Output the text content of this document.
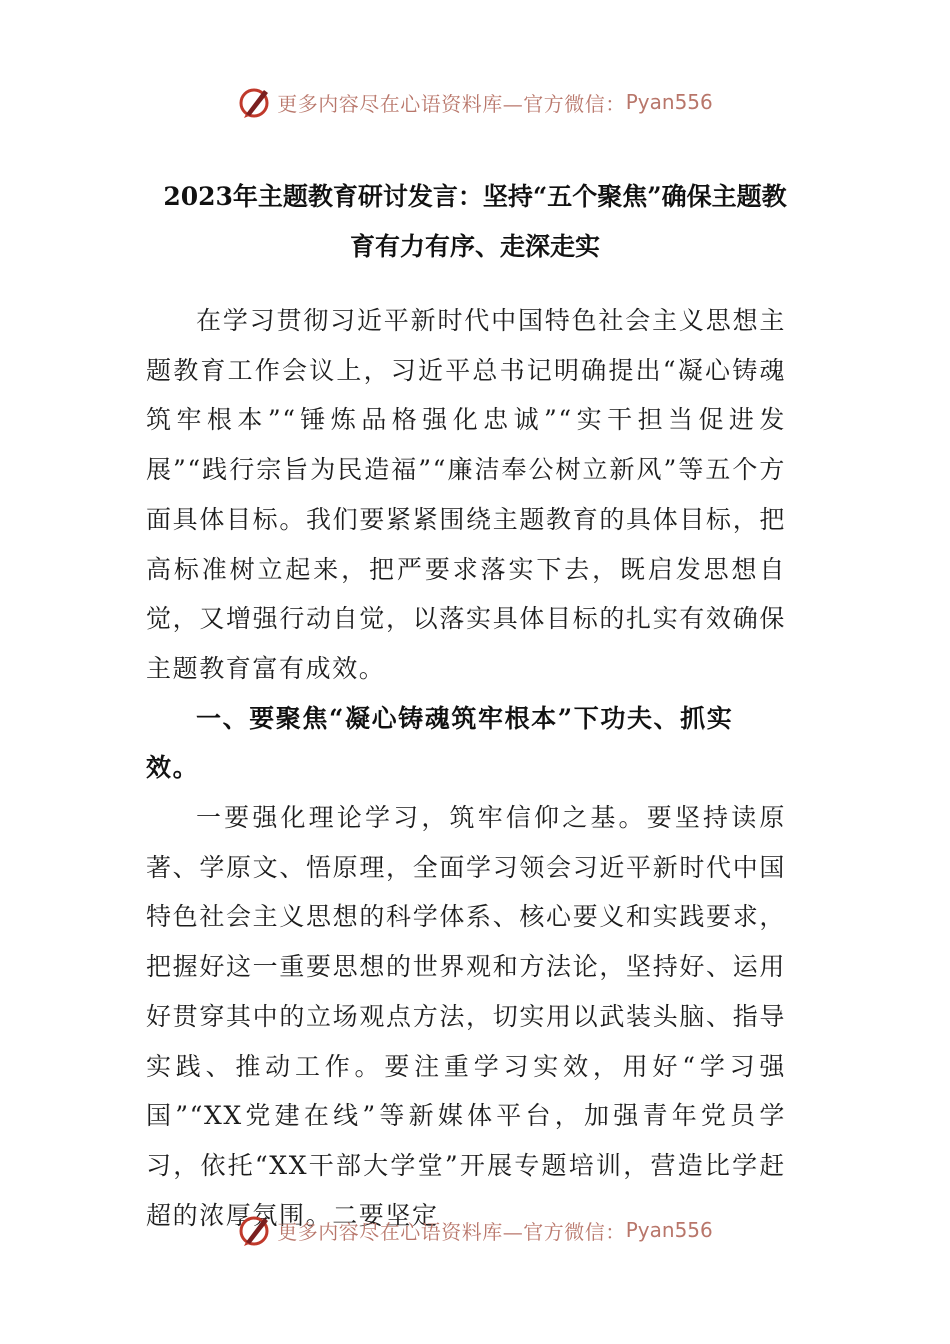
更多内容尽在心语资料库—官方微信： Pyan556
2023年主题教育研讨发言：坚持“五个聚焦”确保主题教
育有力有序、走深走实

在学习贯彻习近平新时代中国特色社会主义思想主题教育工作会议上，习近平总书记明确提出“凝心铸魂筑牢根本”“锤炼品格强化忠诚”“实干担当促进发展”“践行宗旨为民造福”“廉洁奉公树立新风”等五个方面具体目标。我们要紧紧围绕主题教育的具体目标，把高标准树立起来，把严要求落实下去，既启发思想自觉，又增强行动自觉，以落实具体目标的扎实有效确保主题教育富有成效。

一、要聚焦“凝心铸魂筑牢根本”下功夫、抓实效。

一要强化理论学习，筑牢信仰之基。要坚持读原著、学原文、悟原理，全面学习领会习近平新时代中国特色社会主义思想的科学体系、核心要义和实践要求，把握好这一重要思想的世界观和方法论，坚持好、运用好贯穿其中的立场观点方法，切实用以武装头脑、指导实践、推动工作。要注重学习实效，用好“学习强国”“XX党建在线”等新媒体平台，加强青年党员学习，依托“XX干部大学堂”开展专题培训，营造比学赶超的浓厚氛围。二要坚定

更多内容尽在心语资料库—官方微信： Pyan556
